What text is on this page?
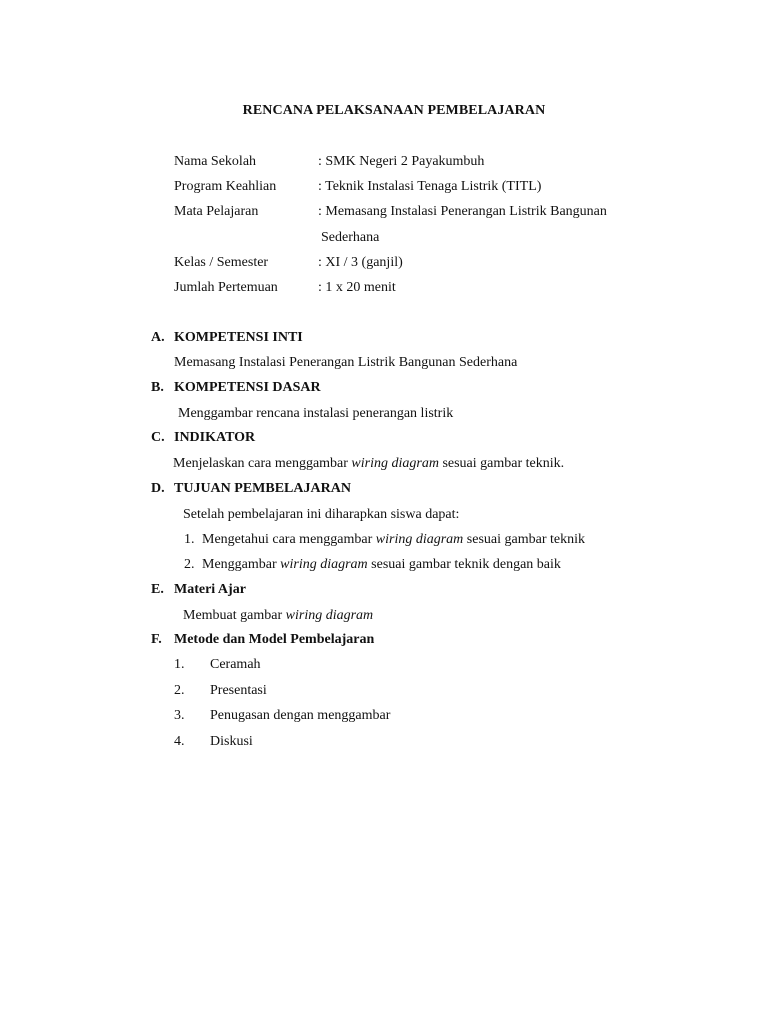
RENCANA PELAKSANAAN PEMBELAJARAN
Nama Sekolah	: SMK Negeri 2 Payakumbuh
Program Keahlian	: Teknik Instalasi Tenaga Listrik (TITL)
Mata Pelajaran	: Memasang Instalasi Penerangan Listrik Bangunan
Sederhana
Kelas / Semester	: XI / 3 (ganjil)
Jumlah Pertemuan	: 1 x 20 menit
A. KOMPETENSI INTI
Memasang Instalasi Penerangan Listrik Bangunan Sederhana
B. KOMPETENSI DASAR
Menggambar rencana instalasi penerangan listrik
C. INDIKATOR
Menjelaskan cara menggambar wiring diagram sesuai gambar teknik.
D. TUJUAN PEMBELAJARAN
Setelah pembelajaran ini diharapkan siswa dapat:
1. Mengetahui cara menggambar wiring diagram sesuai gambar teknik
2. Menggambar wiring diagram sesuai gambar teknik dengan baik
E. Materi Ajar
Membuat gambar wiring diagram
F. Metode dan Model Pembelajaran
1. Ceramah
2. Presentasi
3. Penugasan dengan menggambar
4. Diskusi
